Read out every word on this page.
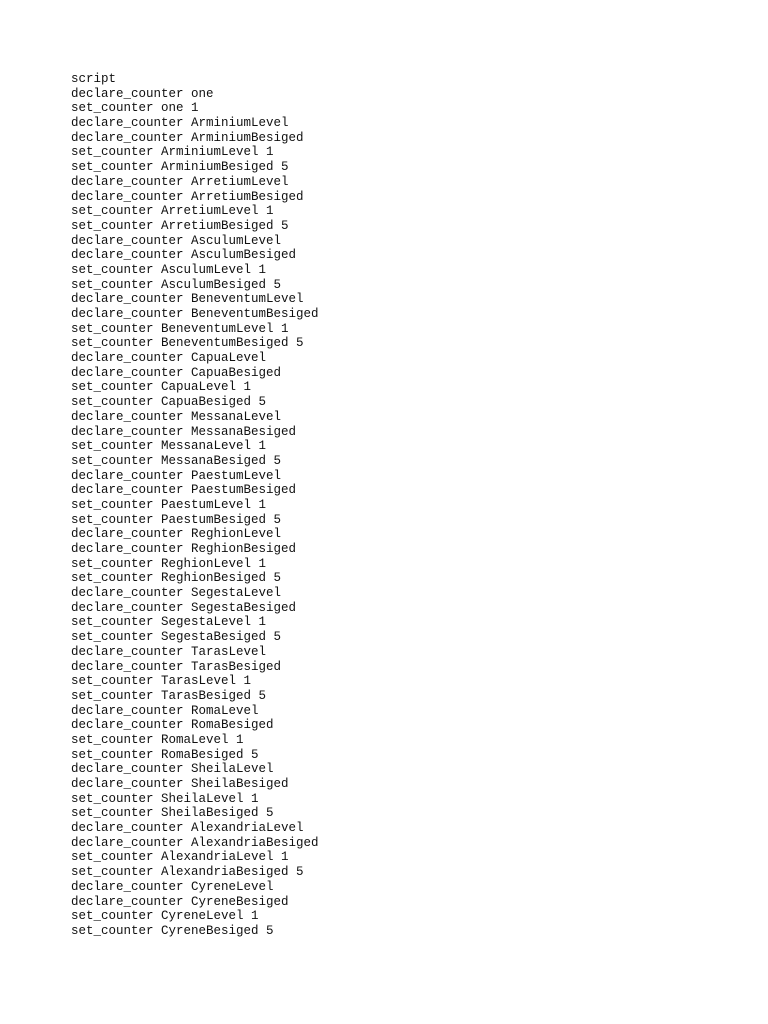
script
declare_counter one
set_counter one 1
declare_counter ArminiumLevel
declare_counter ArminiumBesiged
set_counter ArminiumLevel 1
set_counter ArminiumBesiged 5
declare_counter ArretiumLevel
declare_counter ArretiumBesiged
set_counter ArretiumLevel 1
set_counter ArretiumBesiged 5
declare_counter AsculumLevel
declare_counter AsculumBesiged
set_counter AsculumLevel 1
set_counter AsculumBesiged 5
declare_counter BeneventumLevel
declare_counter BeneventumBesiged
set_counter BeneventumLevel 1
set_counter BeneventumBesiged 5
declare_counter CapuaLevel
declare_counter CapuaBesiged
set_counter CapuaLevel 1
set_counter CapuaBesiged 5
declare_counter MessanaLevel
declare_counter MessanaBesiged
set_counter MessanaLevel 1
set_counter MessanaBesiged 5
declare_counter PaestumLevel
declare_counter PaestumBesiged
set_counter PaestumLevel 1
set_counter PaestumBesiged 5
declare_counter ReghionLevel
declare_counter ReghionBesiged
set_counter ReghionLevel 1
set_counter ReghionBesiged 5
declare_counter SegestaLevel
declare_counter SegestaBesiged
set_counter SegestaLevel 1
set_counter SegestaBesiged 5
declare_counter TarasLevel
declare_counter TarasBesiged
set_counter TarasLevel 1
set_counter TarasBesiged 5
declare_counter RomaLevel
declare_counter RomaBesiged
set_counter RomaLevel 1
set_counter RomaBesiged 5
declare_counter SheilaLevel
declare_counter SheilaBesiged
set_counter SheilaLevel 1
set_counter SheilaBesiged 5
declare_counter AlexandriaLevel
declare_counter AlexandriaBesiged
set_counter AlexandriaLevel 1
set_counter AlexandriaBesiged 5
declare_counter CyreneLevel
declare_counter CyreneBesiged
set_counter CyreneLevel 1
set_counter CyreneBesiged 5
